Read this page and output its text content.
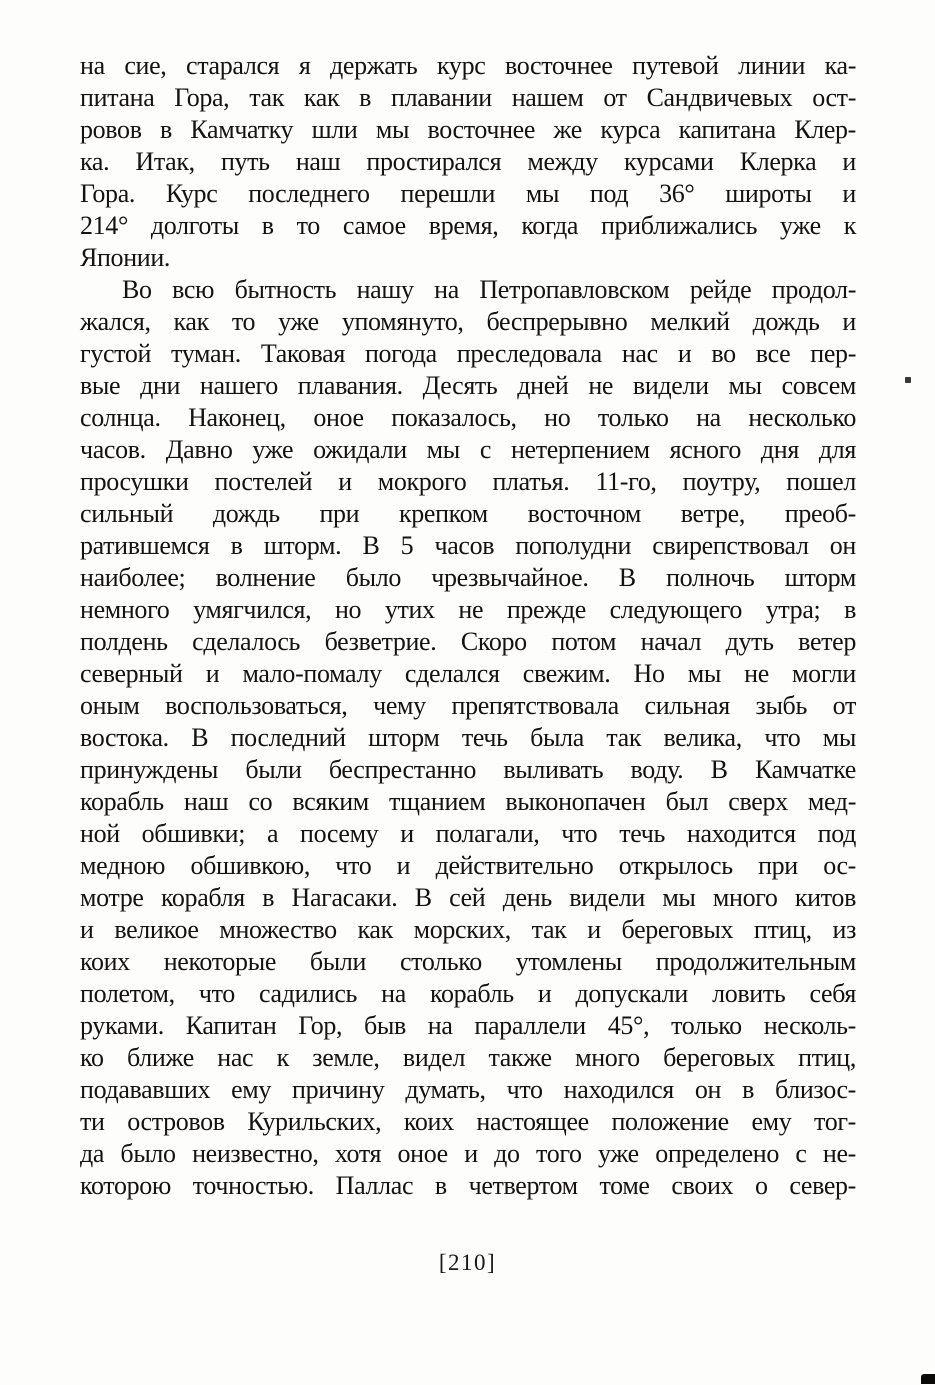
на сие, старался я держать курс восточнее путевой линии ка-
питана Гора, так как в плавании нашем от Сандвичевых ост-
ровов в Камчатку шли мы восточнее же курса капитана Клер-
ка. Итак, путь наш простирался между курсами Клерка и
Гора. Курс последнего перешли мы под 36° широты и
214° долготы в то самое время, когда приближались уже к
Японии.
Во всю бытность нашу на Петропавловском рейде продол-
жался, как то уже упомянуто, беспрерывно мелкий дождь и
густой туман. Таковая погода преследовала нас и во все пер-
вые дни нашего плавания. Десять дней не видели мы совсем
солнца. Наконец, оное показалось, но только на несколько
часов. Давно уже ожидали мы с нетерпением ясного дня для
просушки постелей и мокрого платья. 11-го, поутру, пошел
сильный дождь при крепком восточном ветре, преоб-
ратившемся в шторм. В 5 часов пополудни свирепствовал он
наиболее; волнение было чрезвычайное. В полночь шторм
немного умягчился, но утих не прежде следующего утра; в
полдень сделалось безветрие. Скоро потом начал дуть ветер
северный и мало-помалу сделался свежим. Но мы не могли
оным воспользоваться, чему препятствовала сильная зыбь от
востока. В последний шторм течь была так велика, что мы
принуждены были беспрестанно выливать воду. В Камчатке
корабль наш со всяким тщанием выконопачен был сверх мед-
ной обшивки; а посему и полагали, что течь находится под
медною обшивкою, что и действительно открылось при ос-
мотре корабля в Нагасаки. В сей день видели мы много китов
и великое множество как морских, так и береговых птиц, из
коих некоторые были столько утомлены продолжительным
полетом, что садились на корабль и допускали ловить себя
руками. Капитан Гор, быв на параллели 45°, только несколь-
ко ближе нас к земле, видел также много береговых птиц,
подававших ему причину думать, что находился он в близос-
ти островов Курильских, коих настоящее положение ему тог-
да было неизвестно, хотя оное и до того уже определено с не-
которою точностью. Паллас в четвертом томе своих о север-
[210]
